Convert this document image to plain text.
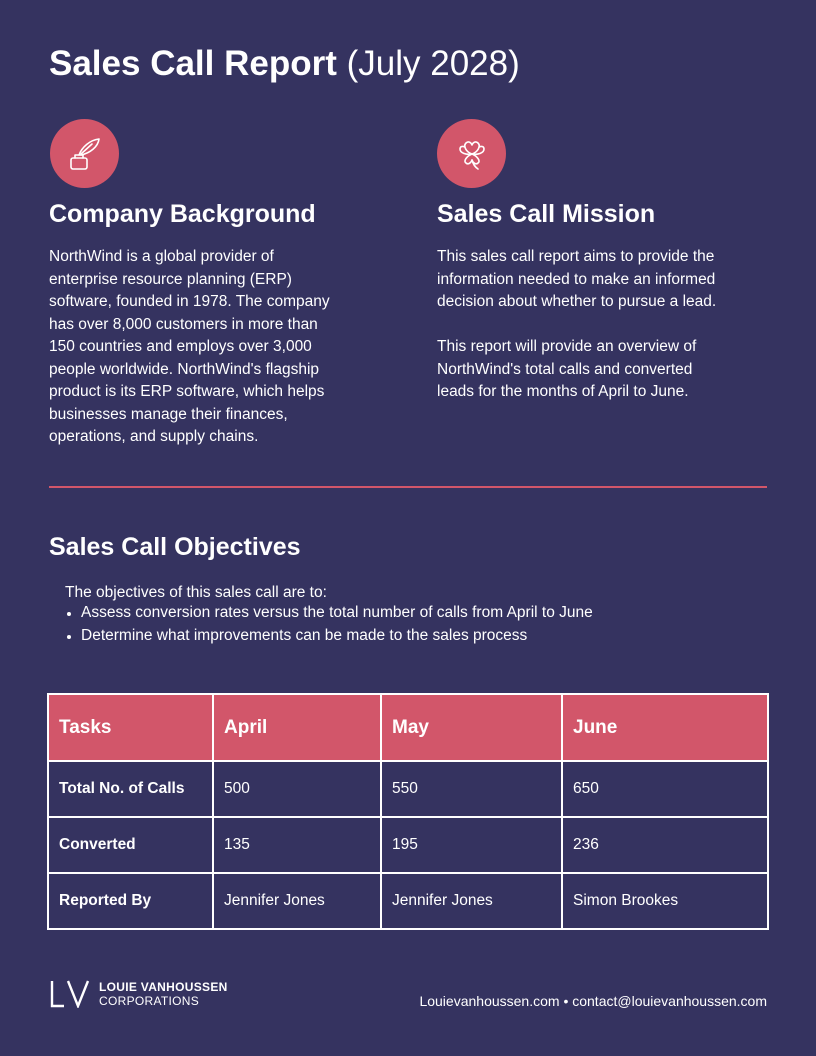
Sales Call Report (July 2028)
Company Background

NorthWind is a global provider of
enterprise resource planning (ERP)
software, founded in 1978. The company
has over 8,000 customers in more than
150 countries and employs over 3,000
people worldwide. NorthWind's flagship
product is its ERP software, which helps
businesses manage their finances,
operations, and supply chains.

Sales Call Mission

This sales call report aims to provide the
information needed to make an informed
decision about whether to pursue a lead.

This report will provide an overview of
NorthWind's total calls and converted
leads for the months of April to June.

Sales Call Objectives

The objectives of this sales call are to:

Assess conversion rates versus the total number of calls from April to June
Determine what improvements can be made to the sales process
Tasks	April	May	June
Total No. of Calls	500	550	650
Converted	135	195	236
Reported By	Jennifer Jones	Jennifer Jones	Simon Brookes
LOUIE VANHOUSSEN
CORPORATIONS	Louievanhoussen.com • contact@louievanhoussen.com
